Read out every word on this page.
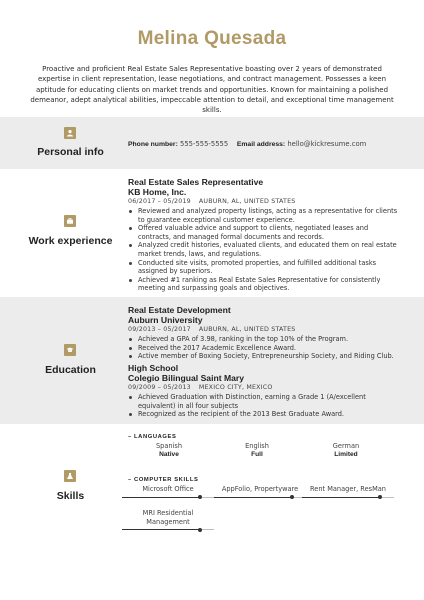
Melina Quesada
Proactive and proficient Real Estate Sales Representative boasting over 2 years of demonstrated expertise in client representation, lease negotiations, and contract management. Possesses a keen aptitude for educating clients on market trends and opportunities. Known for maintaining a polished demeanor, adept analytical abilities, impeccable attention to detail, and exceptional time management skills.
Personal info
Phone number: 555-555-5555 Email address: hello@kickresume.com
Work experience
Real Estate Sales Representative
KB Home, Inc.
06/2017 – 05/2019 AUBURN, AL, UNITED STATES
Reviewed and analyzed property listings, acting as a representative for clients to guarantee exceptional customer experience.
Offered valuable advice and support to clients, negotiated leases and contracts, and managed formal documents and records.
Analyzed credit histories, evaluated clients, and educated them on real estate market trends, laws, and regulations.
Conducted site visits, promoted properties, and fulfilled additional tasks assigned by superiors.
Achieved #1 ranking as Real Estate Sales Representative for consistently meeting and surpassing goals and objectives.
Education
Real Estate Development
Auburn University
09/2013 – 05/2017 AUBURN, AL, UNITED STATES
Achieved a GPA of 3.98, ranking in the top 10% of the Program.
Received the 2017 Academic Excellence Award.
Active member of Boxing Society, Entrepreneurship Society, and Riding Club.
High School
Colegio Bilingual Saint Mary
09/2009 – 05/2013 MEXICO CITY, MEXICO
Achieved Graduation with Distinction, earning a Grade 1 (A/excellent equivalent) in all four subjects
Recognized as the recipient of the 2013 Best Graduate Award.
Skills
– LANGUAGES
Spanish
Native
English
Full
German
Limited
– COMPUTER SKILLS
Microsoft Office	AppFolio, Propertyware	Rent Manager, ResMan
MRI Residential Management
